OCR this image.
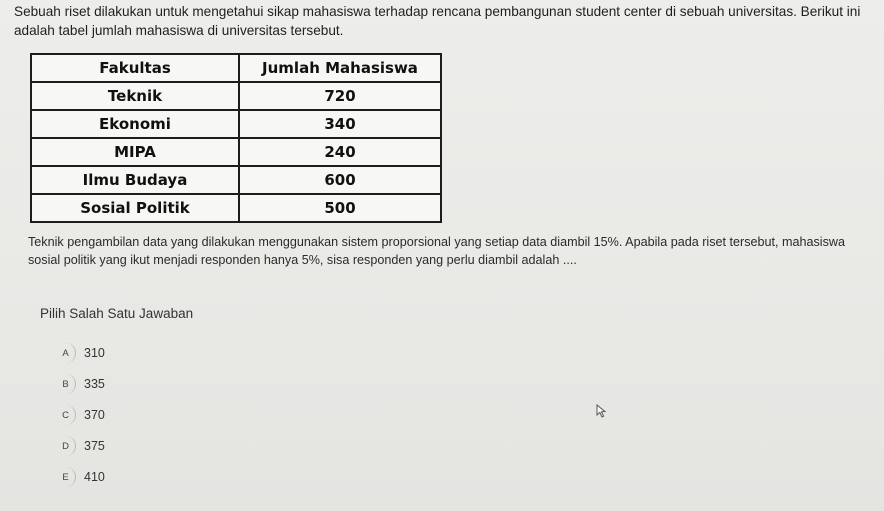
Sebuah riset dilakukan untuk mengetahui sikap mahasiswa terhadap rencana pembangunan student center di sebuah universitas. Berikut ini adalah tabel jumlah mahasiswa di universitas tersebut.
Fakultas	Jumlah Mahasiswa
Teknik	720
Ekonomi	340
MIPA	240
Ilmu Budaya	600
Sosial Politik	500
Teknik pengambilan data yang dilakukan menggunakan sistem proporsional yang setiap data diambil 15%. Apabila pada riset tersebut, mahasiswa sosial politik yang ikut menjadi responden hanya 5%, sisa responden yang perlu diambil adalah ....
Pilih Salah Satu Jawaban
A	310
B	335
C	370
D	375
E	410
